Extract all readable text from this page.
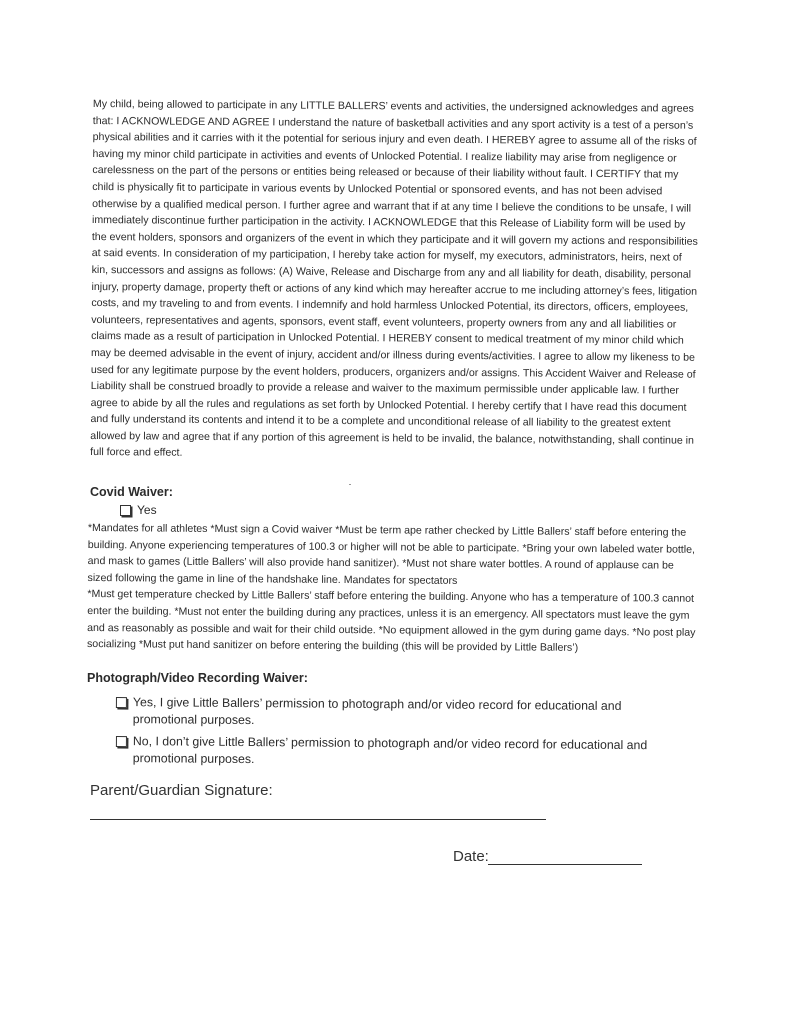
My child, being allowed to participate in any LITTLE BALLERS’ events and activities, the undersigned acknowledges and agrees that: I ACKNOWLEDGE AND AGREE I understand the nature of basketball activities and any sport activity is a test of a person’s physical abilities and it carries with it the potential for serious injury and even death. I HEREBY agree to assume all of the risks of having my minor child participate in activities and events of Unlocked Potential. I realize liability may arise from negligence or carelessness on the part of the persons or entities being released or because of their liability without fault. I CERTIFY that my child is physically fit to participate in various events by Unlocked Potential or sponsored events, and has not been advised otherwise by a qualified medical person. I further agree and warrant that if at any time I believe the conditions to be unsafe, I will immediately discontinue further participation in the activity. I ACKNOWLEDGE that this Release of Liability form will be used by the event holders, sponsors and organizers of the event in which they participate and it will govern my actions and responsibilities at said events. In consideration of my participation, I hereby take action for myself, my executors, administrators, heirs, next of kin, successors and assigns as follows: (A) Waive, Release and Discharge from any and all liability for death, disability, personal injury, property damage, property theft or actions of any kind which may hereafter accrue to me including attorney’s fees, litigation costs, and my traveling to and from events. I indemnify and hold harmless Unlocked Potential, its directors, officers, employees, volunteers, representatives and agents, sponsors, event staff, event volunteers, property owners from any and all liabilities or claims made as a result of participation in Unlocked Potential. I HEREBY consent to medical treatment of my minor child which may be deemed advisable in the event of injury, accident and/or illness during events/activities. I agree to allow my likeness to be used for any legitimate purpose by the event holders, producers, organizers and/or assigns. This Accident Waiver and Release of Liability shall be construed broadly to provide a release and waiver to the maximum permissible under applicable law. I further agree to abide by all the rules and regulations as set forth by Unlocked Potential. I hereby certify that I have read this document and fully understand its contents and intend it to be a complete and unconditional release of all liability to the greatest extent allowed by law and agree that if any portion of this agreement is held to be invalid, the balance, notwithstanding, shall continue in full force and effect.

Covid Waiver:
Yes

*Mandates for all athletes *Must sign a Covid waiver *Must be term ape rather checked by Little Ballers’ staff before entering the building. Anyone experiencing temperatures of 100.3 or higher will not be able to participate. *Bring your own labeled water bottle, and mask to games (Little Ballers’ will also provide hand sanitizer). *Must not share water bottles. A round of applause can be sized following the game in line of the handshake line. Mandates for spectators

*Must get temperature checked by Little Ballers’ staff before entering the building. Anyone who has a temperature of 100.3 cannot enter the building. *Must not enter the building during any practices, unless it is an emergency. All spectators must leave the gym and as reasonably as possible and wait for their child outside. *No equipment allowed in the gym during game days. *No post play socializing *Must put hand sanitizer on before entering the building (this will be provided by Little Ballers’)

Photograph/Video Recording Waiver:
Yes, I give Little Ballers’ permission to photograph and/or video record for educational and promotional purposes.
No, I don’t give Little Ballers’ permission to photograph and/or video record for educational and promotional purposes.

Parent/Guardian Signature:

Date:
